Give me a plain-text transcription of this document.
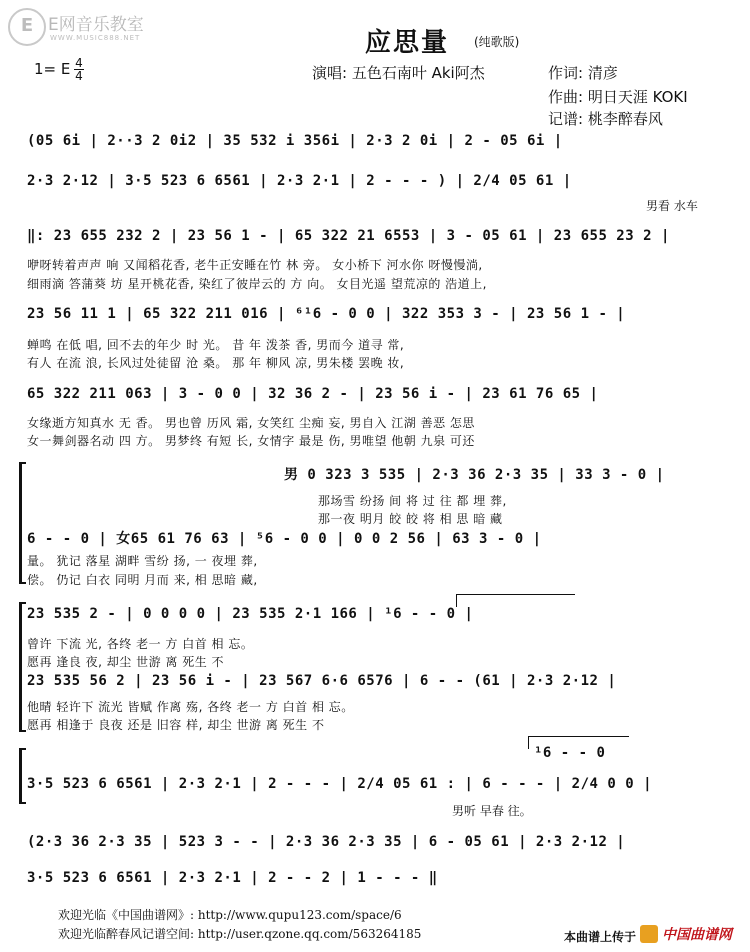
E E网音乐教室
WWW.MUSIC888.NET	应思量 (纯歌版)
1= E 4
4	演唱: 五色石南叶 Aki阿杰	作词: 清彦
作曲: 明日天涯 KOKI
记谱: 桃李醉春风
(05 6i | 2··3 2 0i2 | 35 532 i 356i | 2·3 2 0i | 2 - 05 6i |
2·3 2·12 | 3·5 523 6 6561 | 2·3 2·1 | 2 - - - ) | 2/4 05 61 |
男看 水车
‖: 23 655 232 2 | 23 56 1 - | 65 322 21 6553 | 3 - 05 61 | 23 655 23 2 |
咿呀转着声声 响 又闻稻花香, 老牛正安睡在竹 林 旁。 女小桥下 河水你 呀慢慢淌,
细雨滴 答蒲葵 坊 星开桃花香, 染红了彼岸云的 方 向。 女目光遥 望荒凉的 浩道上,
23 56 11 1 | 65 322 211 016 | ⁶¹6 - 0 0 | 322 353 3 - | 23 56 1 - |
蝉鸣 在低 唱, 回不去的年少 时 光。 昔 年 泼茶 香, 男而今 道寻 常,
有人 在流 浪, 长风过处徒留 沧 桑。 那 年 柳风 凉, 男朱楼 罢晚 妆,
65 322 211 063 | 3 - 0 0 | 32 36 2 - | 23 56 i - | 23 61 76 65 |
女缘逝方知真水 无 香。 男也曾 历风 霜, 女笑红 尘痴 妄, 男自入 江湖 善恶 怎思
女一舞剑器名动 四 方。 男梦终 有短 长, 女情字 最是 伤, 男唯望 他朝 九泉 可还
男 0 323 3 535 | 2·3 36 2·3 35 | 33 3 - 0 |
那场雪 纷扬 间 将 过 往 都 埋 葬,
那一夜 明月 皎 皎 将 相 思 暗 藏
6 - - 0 | 女65 61 76 63 | ⁵6 - 0 0 | 0 0 2 56 | 63 3 - 0 |
量。 犹记 落星 湖畔 雪纷 扬, 一 夜埋 葬,
偿。 仍记 白衣 同明 月而 来, 相 思暗 藏,
23 535 2 - | 0 0 0 0 | 23 535 2·1 166 | ¹6 - - 0 |
曾许 下流 光, 各终 老一 方 白首 相 忘。
愿再 逢良 夜, 却尘 世游 离 死生 不
23 535 56 2 | 23 56 i - | 23 567 6·6 6576 | 6 - - (61 | 2·3 2·12 |
他晴 轻许下 流光 皆赋 作离 殇, 各终 老一 方 白首 相 忘。
愿再 相逢于 良夜 还是 旧容 样, 却尘 世游 离 死生 不
¹6 - - 0
3·5 523 6 6561 | 2·3 2·1 | 2 - - - | 2/4 05 61 : | 6 - - - | 2/4 0 0 |
男听 早春 往。
(2·3 36 2·3 35 | 523 3 - - | 2·3 36 2·3 35 | 6 - 05 61 | 2·3 2·12 |
3·5 523 6 6561 | 2·3 2·1 | 2 - - 2 | 1 - - - ‖
欢迎光临《中国曲谱网》: http://www.qupu123.com/space/6
欢迎光临醉春风记谱空间: http://user.qzone.qq.com/563264185	本曲谱上传于 中国曲谱网
